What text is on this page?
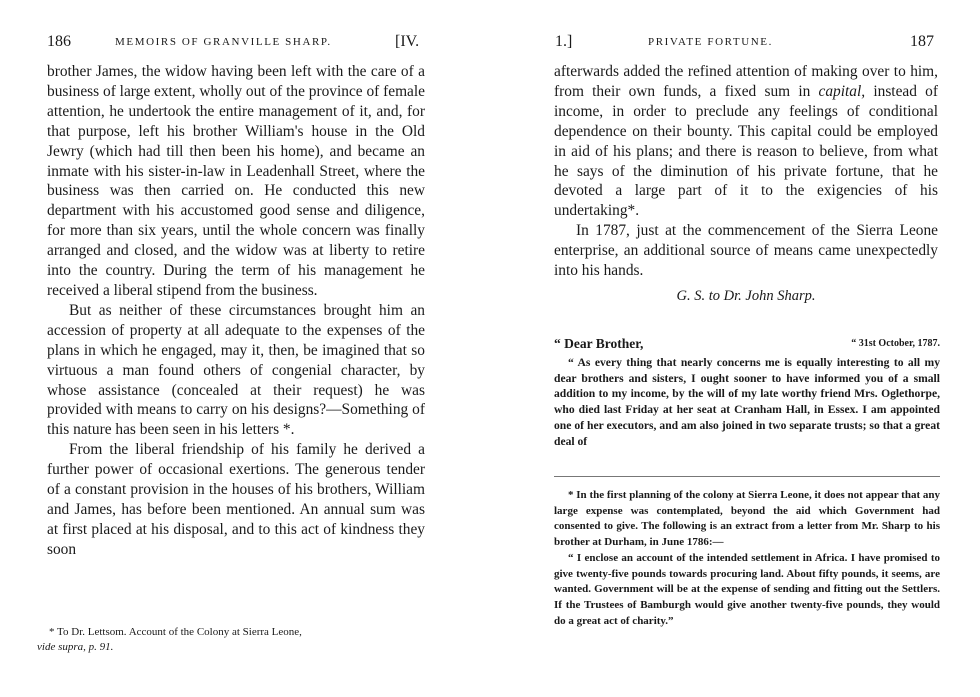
186	MEMOIRS OF GRANVILLE SHARP.	[IV.

brother James, the widow having been left with the care of a business of large extent, wholly out of the province of female attention, he undertook the entire management of it, and, for that purpose, left his brother William's house in the Old Jewry (which had till then been his home), and became an inmate with his sister-in-law in Leadenhall Street, where the business was then carried on. He conducted this new department with his accustomed good sense and diligence, for more than six years, until the whole concern was finally arranged and closed, and the widow was at liberty to retire into the country. During the term of his management he received a liberal stipend from the business.

But as neither of these circumstances brought him an accession of property at all adequate to the expenses of the plans in which he engaged, may it, then, be imagined that so virtuous a man found others of congenial character, by whose assistance (concealed at their request) he was provided with means to carry on his designs?—Something of this nature has been seen in his letters *.

From the liberal friendship of his family he derived a further power of occasional exertions. The generous tender of a constant provision in the houses of his brothers, William and James, has before been mentioned. An annual sum was at first placed at his disposal, and to this act of kindness they soon

* To Dr. Lettsom. Account of the Colony at Sierra Leone,

vide supra, p. 91.

1.]	PRIVATE FORTUNE.	187

afterwards added the refined attention of making over to him, from their own funds, a fixed sum in capital, instead of income, in order to preclude any feelings of conditional dependence on their bounty. This capital could be employed in aid of his plans; and there is reason to believe, from what he says of the diminution of his private fortune, that he devoted a large part of it to the exigencies of his undertaking*.

In 1787, just at the commencement of the Sierra Leone enterprise, an additional source of means came unexpectedly into his hands.

G. S. to Dr. John Sharp.

“ Dear Brother,	“ 31st October, 1787.

“ As every thing that nearly concerns me is equally interesting to all my dear brothers and sisters, I ought sooner to have informed you of a small addition to my income, by the will of my late worthy friend Mrs. Oglethorpe, who died last Friday at her seat at Cranham Hall, in Essex. I am appointed one of her executors, and am also joined in two separate trusts; so that a great deal of

* In the first planning of the colony at Sierra Leone, it does not appear that any large expense was contemplated, beyond the aid which Government had consented to give. The following is an extract from a letter from Mr. Sharp to his brother at Durham, in June 1786:—

“ I enclose an account of the intended settlement in Africa. I have promised to give twenty-five pounds towards procuring land. About fifty pounds, it seems, are wanted. Government will be at the expense of sending and fitting out the Settlers. If the Trustees of Bamburgh would give another twenty-five pounds, they would do a great act of charity.”
